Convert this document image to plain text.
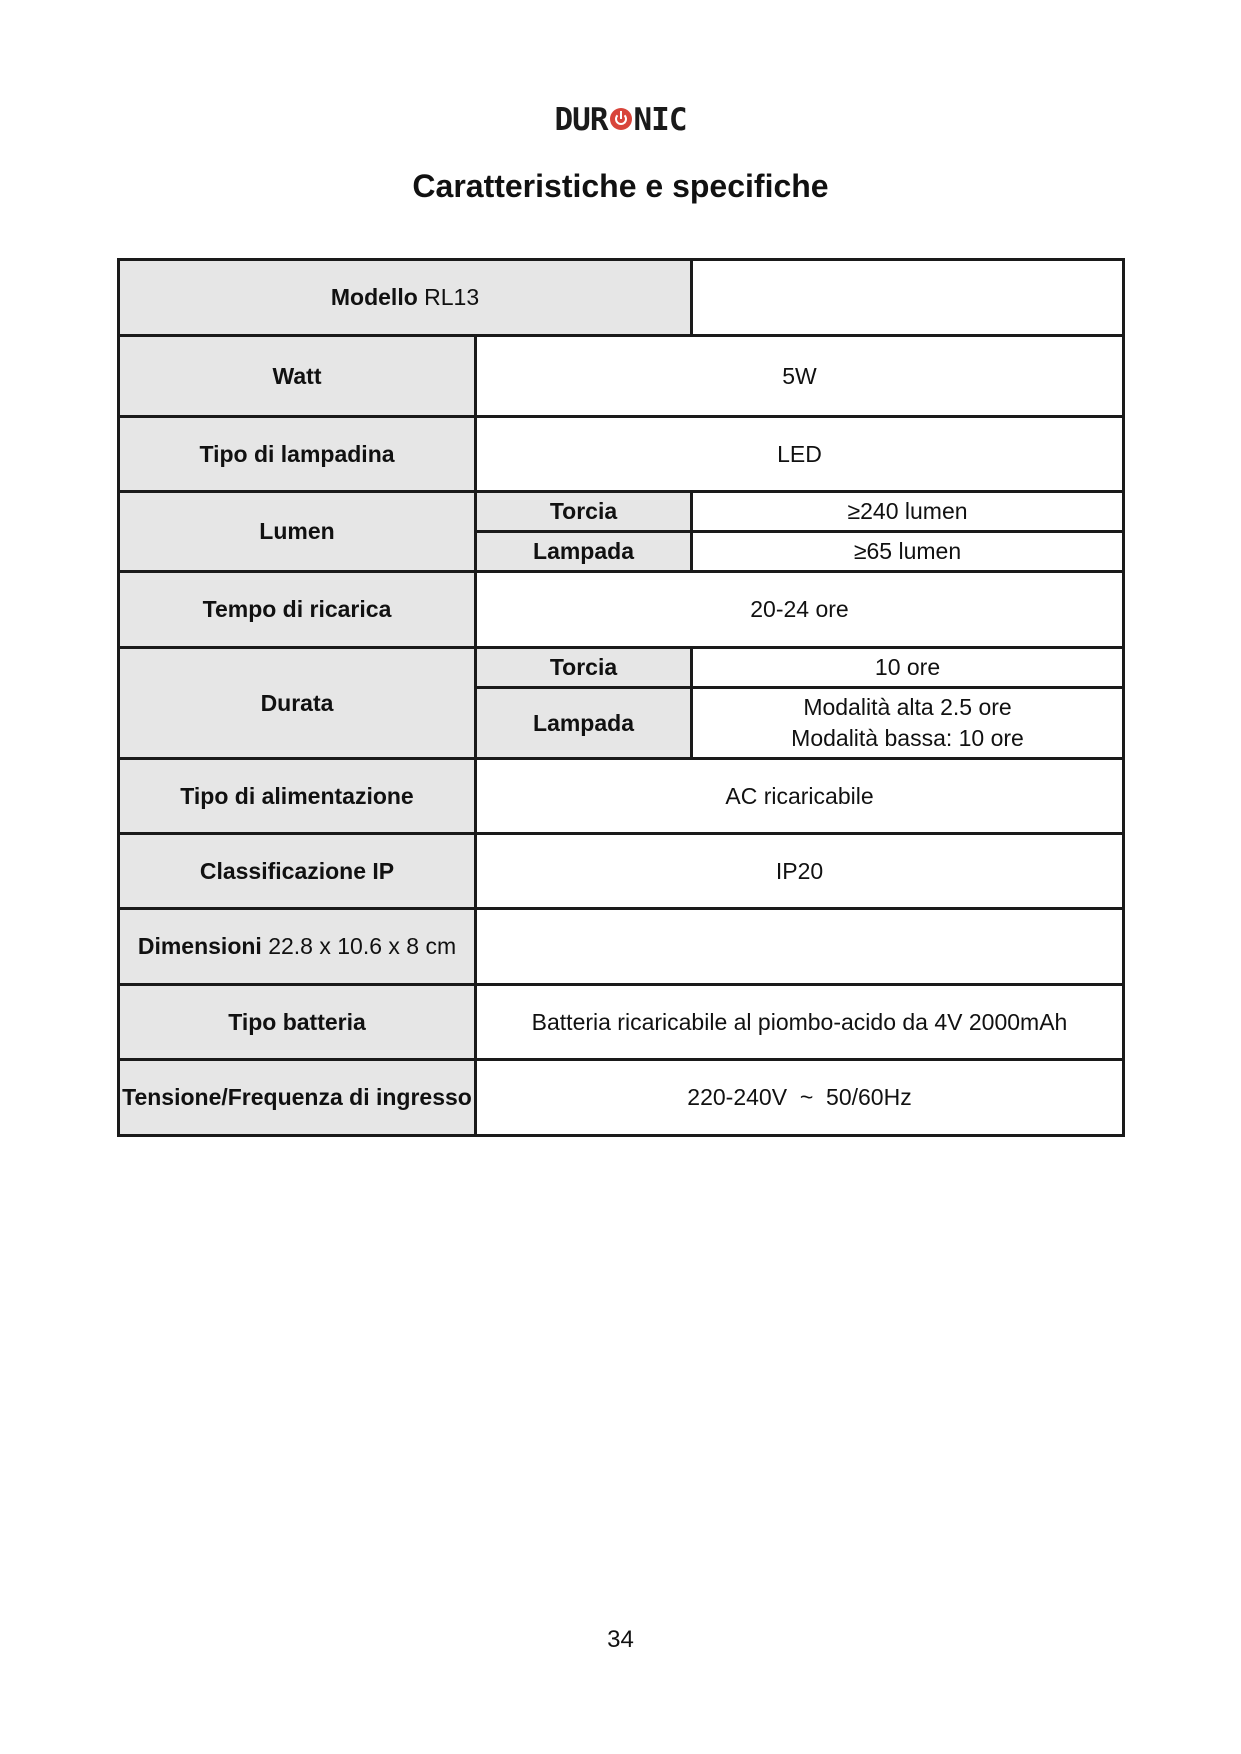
DUR NIC
Caratteristiche e specifiche
Modello RL13		
Watt	5W	
Tipo di lampadina	LED	
Lumen	Torcia	≥240 lumen
	Lampada	≥65 lumen
Tempo di ricarica	20-24 ore	
Durata	Torcia	10 ore
	Lampada	Modalità alta 2.5 ore
Modalità bassa: 10 ore

Tipo di alimentazione	AC ricaricabile	
Classificazione IP	IP20	
Dimensioni 22.8 x 10.6 x 8 cm		
Tipo batteria	Batteria ricaricabile al piombo-acido da 4V 2000mAh	
Tensione/Frequenza di ingresso	220-240V  ~  50/60Hz	
34
